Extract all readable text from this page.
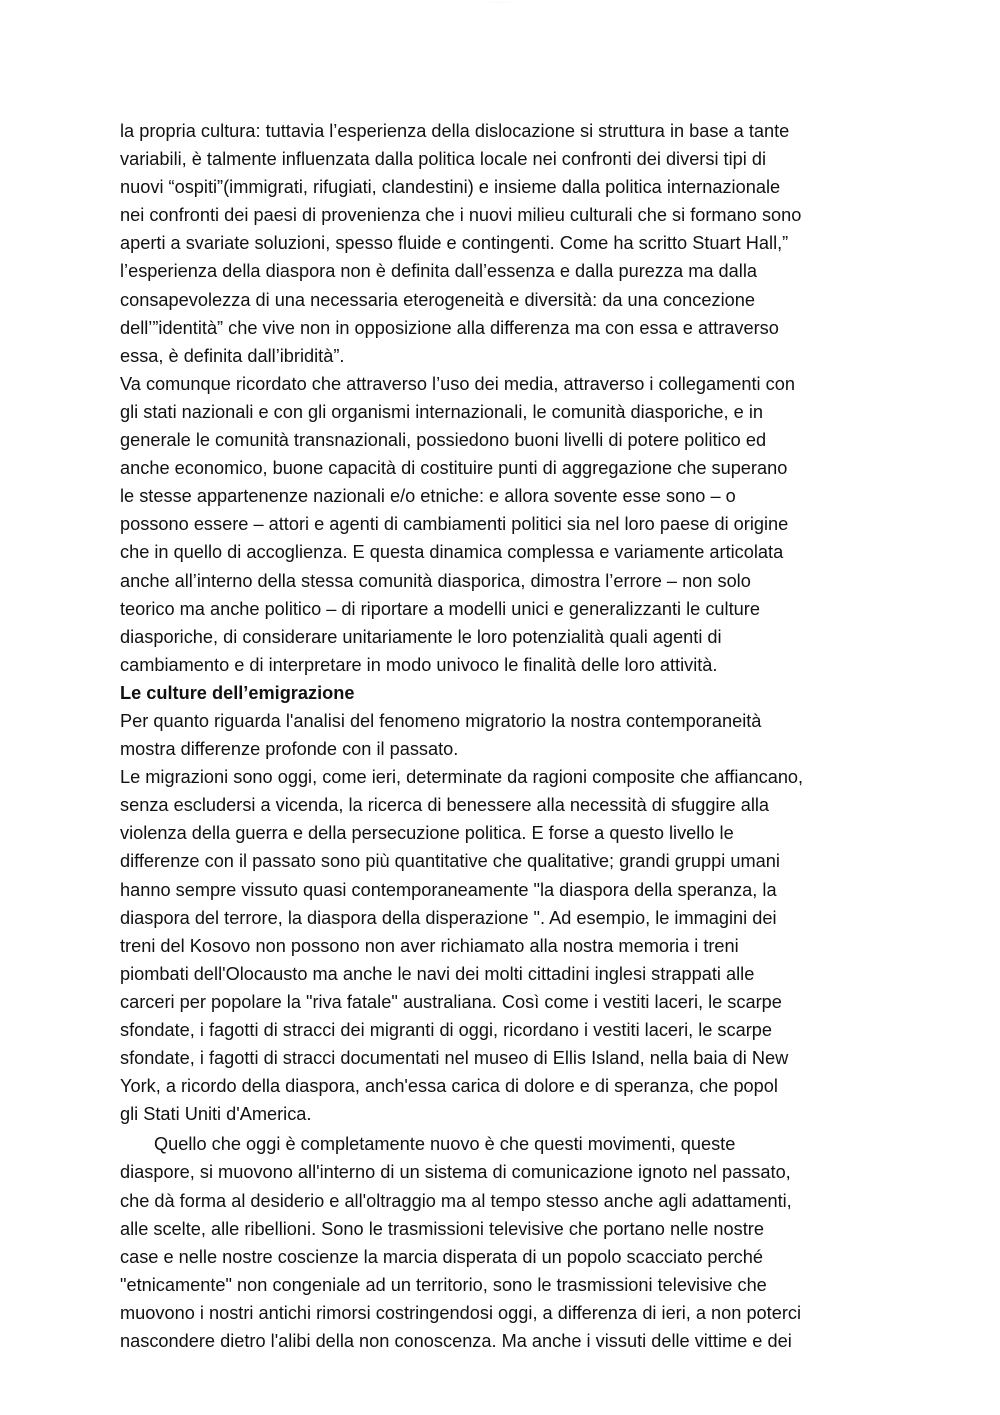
· · · · · · ·
la propria cultura: tuttavia l’esperienza della dislocazione si struttura in base a tante
variabili, è talmente influenzata dalla politica locale nei confronti dei diversi tipi di
nuovi “ospiti”(immigrati, rifugiati, clandestini) e insieme dalla politica internazionale
nei confronti dei paesi di provenienza che i nuovi milieu culturali che si formano sono
aperti a svariate soluzioni, spesso fluide e contingenti. Come ha scritto Stuart Hall,”
l’esperienza della diaspora non è definita dall’essenza e dalla purezza ma dalla
consapevolezza di una necessaria eterogeneità e diversità: da una concezione
dell’”identità” che vive non in opposizione alla differenza ma con essa e attraverso
essa, è definita dall’ibridità”.
Va comunque ricordato che attraverso l’uso dei media, attraverso i collegamenti con
gli stati nazionali e con gli organismi internazionali, le comunità diasporiche, e in
generale le comunità transnazionali, possiedono buoni livelli di potere politico ed
anche economico, buone capacità di costituire punti di aggregazione che superano
le stesse appartenenze nazionali e/o etniche: e allora sovente esse sono – o
possono essere – attori e agenti di cambiamenti politici sia nel loro paese di origine
che in quello di accoglienza. E questa dinamica complessa e variamente articolata
anche all’interno della stessa comunità diasporica, dimostra l’errore – non solo
teorico ma anche politico – di riportare a modelli unici e generalizzanti le culture
diasporiche, di considerare unitariamente le loro potenzialità quali agenti di
cambiamento e di interpretare in modo univoco le finalità delle loro attività.
Le culture dell’emigrazione
Per quanto riguarda l'analisi del fenomeno migratorio la nostra contemporaneità
mostra differenze profonde con il passato.
Le migrazioni sono oggi, come ieri, determinate da ragioni composite che affiancano,
senza escludersi a vicenda, la ricerca di benessere alla necessità di sfuggire alla
violenza della guerra e della persecuzione politica. E forse a questo livello le
differenze con il passato sono più quantitative che qualitative; grandi gruppi umani
hanno sempre vissuto quasi contemporaneamente "la diaspora della speranza, la
diaspora del terrore, la diaspora della disperazione ". Ad esempio, le immagini dei
treni del Kosovo non possono non aver richiamato alla nostra memoria i treni
piombati dell'Olocausto ma anche le navi dei molti cittadini inglesi strappati alle
carceri per popolare la "riva fatale" australiana. Così come i vestiti laceri, le scarpe
sfondate, i fagotti di stracci dei migranti di oggi, ricordano i vestiti laceri, le scarpe
sfondate, i fagotti di stracci documentati nel museo di Ellis Island, nella baia di New
York, a ricordo della diaspora, anch'essa carica di dolore e di speranza, che popol
gli Stati Uniti d'America.
Quello che oggi è completamente nuovo è che questi movimenti, queste
diaspore, si muovono all'interno di un sistema di comunicazione ignoto nel passato,
che dà forma al desiderio e all'oltraggio ma al tempo stesso anche agli adattamenti,
alle scelte, alle ribellioni. Sono le trasmissioni televisive che portano nelle nostre
case e nelle nostre coscienze la marcia disperata di un popolo scacciato perché
"etnicamente" non congeniale ad un territorio, sono le trasmissioni televisive che
muovono i nostri antichi rimorsi costringendosi oggi, a differenza di ieri, a non poterci
nascondere dietro l'alibi della non conoscenza. Ma anche i vissuti delle vittime e dei
